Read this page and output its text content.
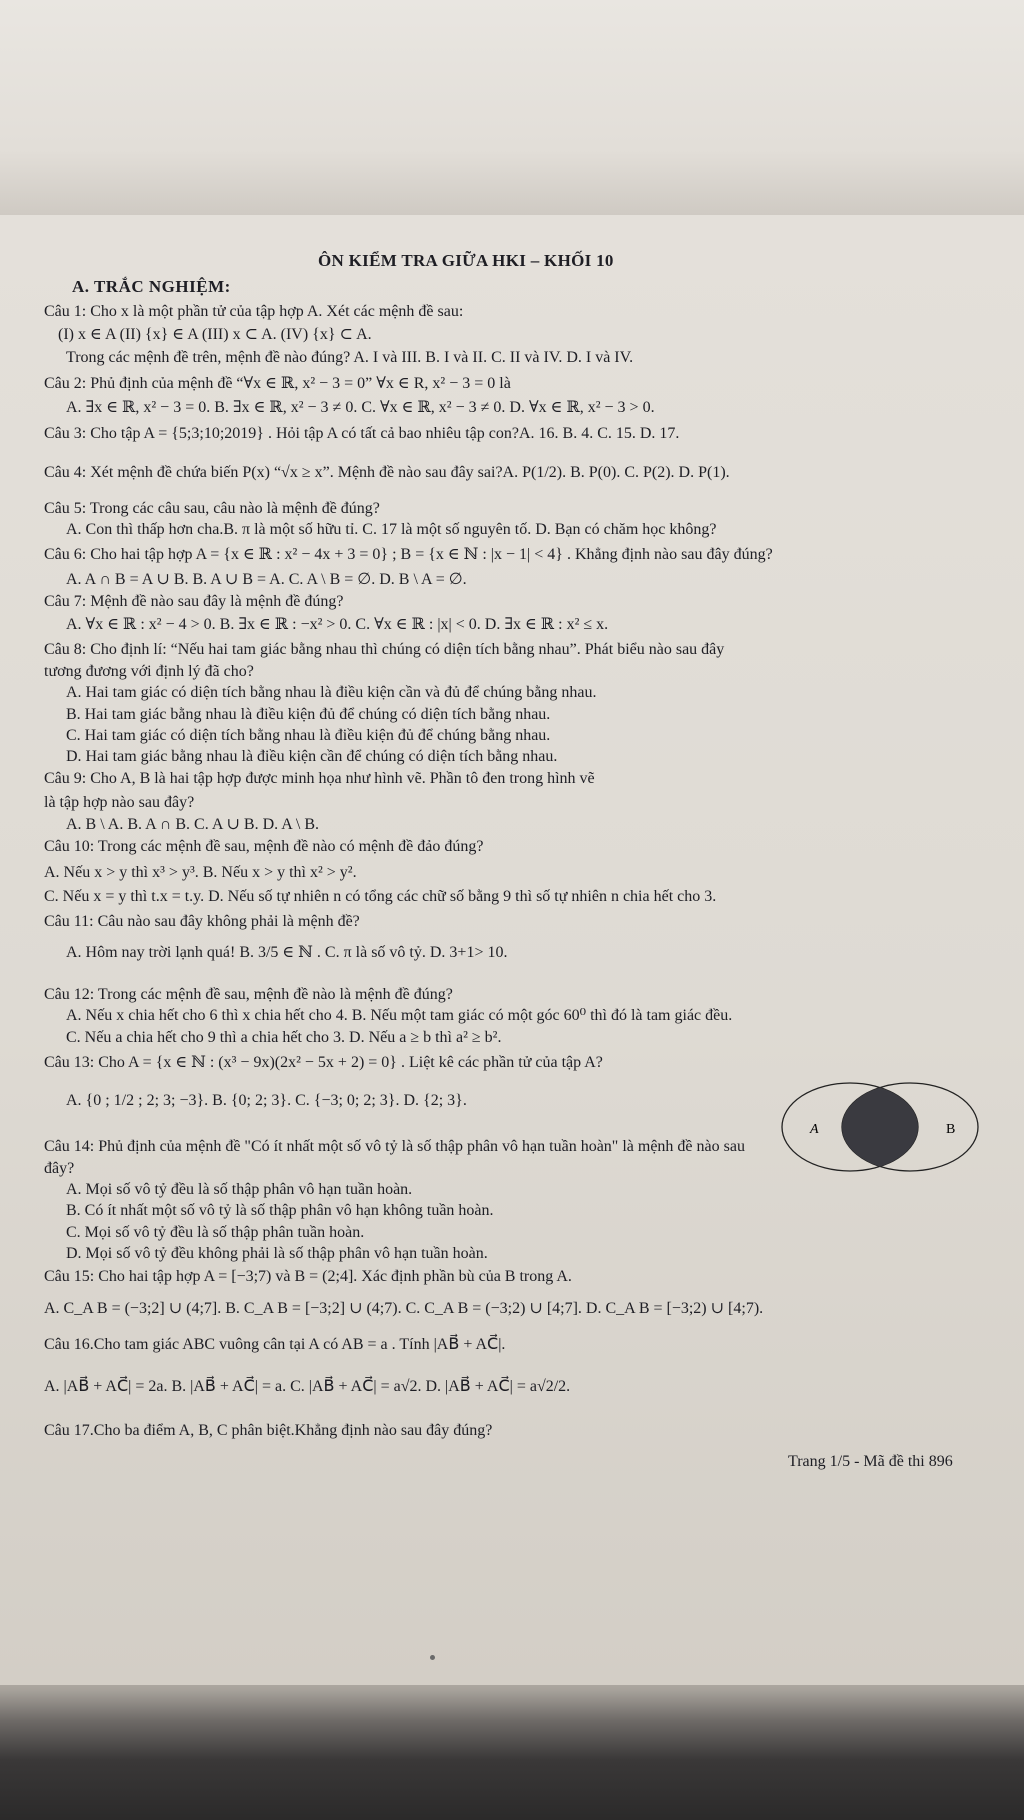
ÔN KIỂM TRA GIỮA HKI – KHỐI 10
A. TRẮC NGHIỆM:
Câu 1: Cho x là một phần tử của tập hợp A. Xét các mệnh đề sau:
(I) x ∈ A (II) {x} ∈ A (III) x ⊂ A. (IV) {x} ⊂ A.
Trong các mệnh đề trên, mệnh đề nào đúng? A. I và III. B. I và II. C. II và IV. D. I và IV.
Câu 2: Phủ định của mệnh đề “∀x ∈ ℝ, x² − 3 = 0” ∀x ∈ R, x² − 3 = 0 là
A. ∃x ∈ ℝ, x² − 3 = 0. B. ∃x ∈ ℝ, x² − 3 ≠ 0. C. ∀x ∈ ℝ, x² − 3 ≠ 0. D. ∀x ∈ ℝ, x² − 3 > 0.
Câu 3: Cho tập A = {5;3;10;2019} . Hỏi tập A có tất cả bao nhiêu tập con?A. 16. B. 4. C. 15. D. 17.
Câu 4: Xét mệnh đề chứa biến P(x) “√x ≥ x”. Mệnh đề nào sau đây sai?A. P(1/2). B. P(0). C. P(2). D. P(1).
Câu 5: Trong các câu sau, câu nào là mệnh đề đúng?
A. Con thì thấp hơn cha.B. π là một số hữu tỉ. C. 17 là một số nguyên tố. D. Bạn có chăm học không?
Câu 6: Cho hai tập hợp A = {x ∈ ℝ : x² − 4x + 3 = 0} ; B = {x ∈ ℕ : |x − 1| < 4} . Khẳng định nào sau đây đúng?
A. A ∩ B = A ∪ B. B. A ∪ B = A. C. A \ B = ∅. D. B \ A = ∅.
Câu 7: Mệnh đề nào sau đây là mệnh đề đúng?
A. ∀x ∈ ℝ : x² − 4 > 0. B. ∃x ∈ ℝ : −x² > 0. C. ∀x ∈ ℝ : |x| < 0. D. ∃x ∈ ℝ : x² ≤ x.
Câu 8: Cho định lí: “Nếu hai tam giác bằng nhau thì chúng có diện tích bằng nhau”. Phát biểu nào sau đây
tương đương với định lý đã cho?
A. Hai tam giác có diện tích bằng nhau là điều kiện cần và đủ để chúng bằng nhau.
B. Hai tam giác bằng nhau là điều kiện đủ để chúng có diện tích bằng nhau.
C. Hai tam giác có diện tích bằng nhau là điều kiện đủ để chúng bằng nhau.
D. Hai tam giác bằng nhau là điều kiện cần để chúng có diện tích bằng nhau.
Câu 9: Cho A, B là hai tập hợp được minh họa như hình vẽ. Phần tô đen trong hình vẽ
là tập hợp nào sau đây?
A. B \ A. B. A ∩ B. C. A ∪ B. D. A \ B.
A	B
Câu 10: Trong các mệnh đề sau, mệnh đề nào có mệnh đề đảo đúng?
A. Nếu x > y thì x³ > y³. B. Nếu x > y thì x² > y².
C. Nếu x = y thì t.x = t.y. D. Nếu số tự nhiên n có tổng các chữ số bằng 9 thì số tự nhiên n chia hết cho 3.
Câu 11: Câu nào sau đây không phải là mệnh đề?
A. Hôm nay trời lạnh quá! B. 3/5 ∈ ℕ . C. π là số vô tỷ. D. 3+1> 10.
Câu 12: Trong các mệnh đề sau, mệnh đề nào là mệnh đề đúng?
A. Nếu x chia hết cho 6 thì x chia hết cho 4. B. Nếu một tam giác có một góc 60⁰ thì đó là tam giác đều.
C. Nếu a chia hết cho 9 thì a chia hết cho 3. D. Nếu a ≥ b thì a² ≥ b².
Câu 13: Cho A = {x ∈ ℕ : (x³ − 9x)(2x² − 5x + 2) = 0} . Liệt kê các phần tử của tập A?
A. {0 ; 1/2 ; 2; 3; −3}. B. {0; 2; 3}. C. {−3; 0; 2; 3}. D. {2; 3}.
Câu 14: Phủ định của mệnh đề "Có ít nhất một số vô tỷ là số thập phân vô hạn tuần hoàn" là mệnh đề nào sau
đây?
A. Mọi số vô tỷ đều là số thập phân vô hạn tuần hoàn.
B. Có ít nhất một số vô tỷ là số thập phân vô hạn không tuần hoàn.
C. Mọi số vô tỷ đều là số thập phân tuần hoàn.
D. Mọi số vô tỷ đều không phải là số thập phân vô hạn tuần hoàn.
Câu 15: Cho hai tập hợp A = [−3;7) và B = (2;4]. Xác định phần bù của B trong A.
A. C_A B = (−3;2] ∪ (4;7]. B. C_A B = [−3;2] ∪ (4;7). C. C_A B = (−3;2) ∪ [4;7]. D. C_A B = [−3;2) ∪ [4;7).
Câu 16.Cho tam giác ABC vuông cân tại A có AB = a . Tính |AB⃗ + AC⃗|.
A. |AB⃗ + AC⃗| = 2a. B. |AB⃗ + AC⃗| = a. C. |AB⃗ + AC⃗| = a√2. D. |AB⃗ + AC⃗| = a√2/2.
Câu 17.Cho ba điểm A, B, C phân biệt.Khẳng định nào sau đây đúng?
Trang 1/5 - Mã đề thi 896
